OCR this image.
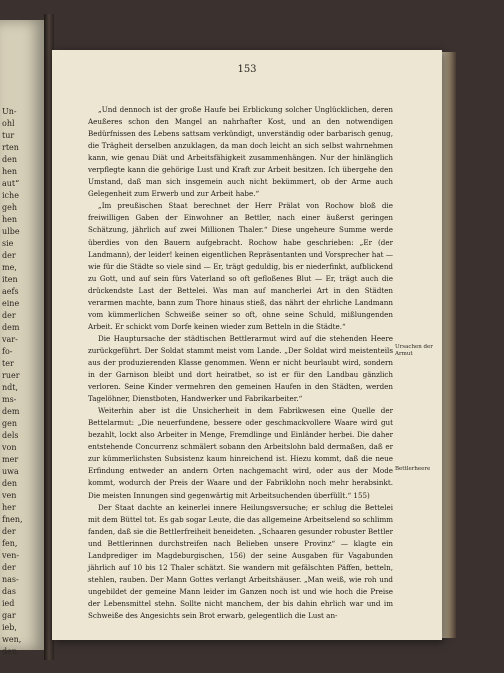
Un-
ohl
tur
rten
den
hen
aut“
iche
geh
hen
ulbe
sie
der
me,
iten
aefs
eine
der
dem
var-
fo-
ter
ruer
ndt,
ms-
dem
gen
dels
von
mer
uwa
den
ven
her
fnen,
der
fen,
ven-
der
nas-
das
ied
gar
ieb,
wen,
den
153

„Und dennoch ist der große Haufe bei Erblickung solcher Unglücklichen, deren Aeußeres schon den Mangel an nahrhafter Kost, und an den notwendigen Bedürfnissen des Lebens sattsam verkündigt, unverständig oder barbarisch genug, die Trägheit derselben anzuklagen, da man doch leicht an sich selbst wahrnehmen kann, wie genau Diät und Arbeitsfähigkeit zusammenhängen. Nur der hinlänglich verpflegte kann die gehörige Lust und Kraft zur Arbeit besitzen. Ich übergehe den Umstand, daß man sich insgemein auch nicht bekümmert, ob der Arme auch Gelegenheit zum Erwerb und zur Arbeit habe.“

„Im preußischen Staat berechnet der Herr Prälat von Rochow bloß die freiwilligen Gaben der Einwohner an Bettler, nach einer äußerst geringen Schätzung, jährlich auf zwei Millionen Thaler.“ Diese ungeheure Summe werde überdies von den Bauern aufgebracht. Rochow habe geschrieben: „Er (der Landmann), der leider! keinen eigentlichen Repräsentanten und Vorsprecher hat — wie für die Städte so viele sind — Er, trägt geduldig, bis er niederfinkt, aufblickend zu Gott, und auf sein fürs Vaterland so oft gefloßenes Blut — Er, trägt auch die drückendste Last der Bettelei. Was man auf mancherlei Art in den Städten verarmen machte, bann zum Thore hinaus stieß, das nährt der ehrliche Landmann vom kümmerlichen Schweiße seiner so oft, ohne seine Schuld, mißlungenden Arbeit. Er schickt vom Dorfe keinen wieder zum Betteln in die Städte.“

Die Hauptursache der städtischen Bettlerarmut wird auf die stehenden Heere zurückgeführt. Der Soldat stammt meist vom Lande. „Der Soldat wird meistenteils aus der produzierenden Klasse genommen. Wenn er nicht beurlaubt wird, sondern in der Garnison bleibt und dort heiratbet, so ist er für den Landbau gänzlich verloren. Seine Kinder vermehren den gemeinen Haufen in den Städten, werden Tagelöhner, Dienstboten, Handwerker und Fabrikarbeiter.“

Weiterhin aber ist die Unsicherheit in dem Fabrikwesen eine Quelle der Bettelarmut: „Die neuerfundene, bessere oder geschmackvollere Waare wird gut bezahlt, lockt also Arbeiter in Menge, Fremdlinge und Einländer herbei. Die daher entstehende Concurrenz schmälert sobann den Arbeitslohn bald dermaßen, daß er zur kümmerlichsten Subsistenz kaum hinreichend ist. Hiezu kommt, daß die neue Erfindung entweder an andern Orten nachgemacht wird, oder aus der Mode kommt, wodurch der Preis der Waare und der Fabriklohn noch mehr herabsinkt. Die meisten Innungen sind gegenwärtig mit Arbeitsuchenden überfüllt.“ 155)

Der Staat dachte an keinerlei innere Heilungsversuche; er schlug die Bettelei mit dem Büttel tot. Es gab sogar Leute, die das allgemeine Arbeitselend so schlimm fanden, daß sie die Bettlerfreiheit beneideten. „Schaaren gesunder robuster Bettler und Bettlerinnen durchstreifen nach Belieben unsere Provinz“ — klagte ein Landprediger im Magdeburgischen, 156) der seine Ausgaben für Vagabunden jährlich auf 10 bis 12 Thaler schätzt. Sie wandern mit gefälschten Päffen, betteln, stehlen, rauben. Der Mann Gottes verlangt Arbeitshäuser. „Man weiß, wie roh und ungebildet der gemeine Mann leider im Ganzen noch ist und wie hoch die Preise der Lebensmittel stehn. Sollte nicht manchem, der bis dahin ehrlich war und im Schweiße des Angesichts sein Brot erwarb, gelegentlich die Lust an-

Ursachen der Armut
Bettlerheere
